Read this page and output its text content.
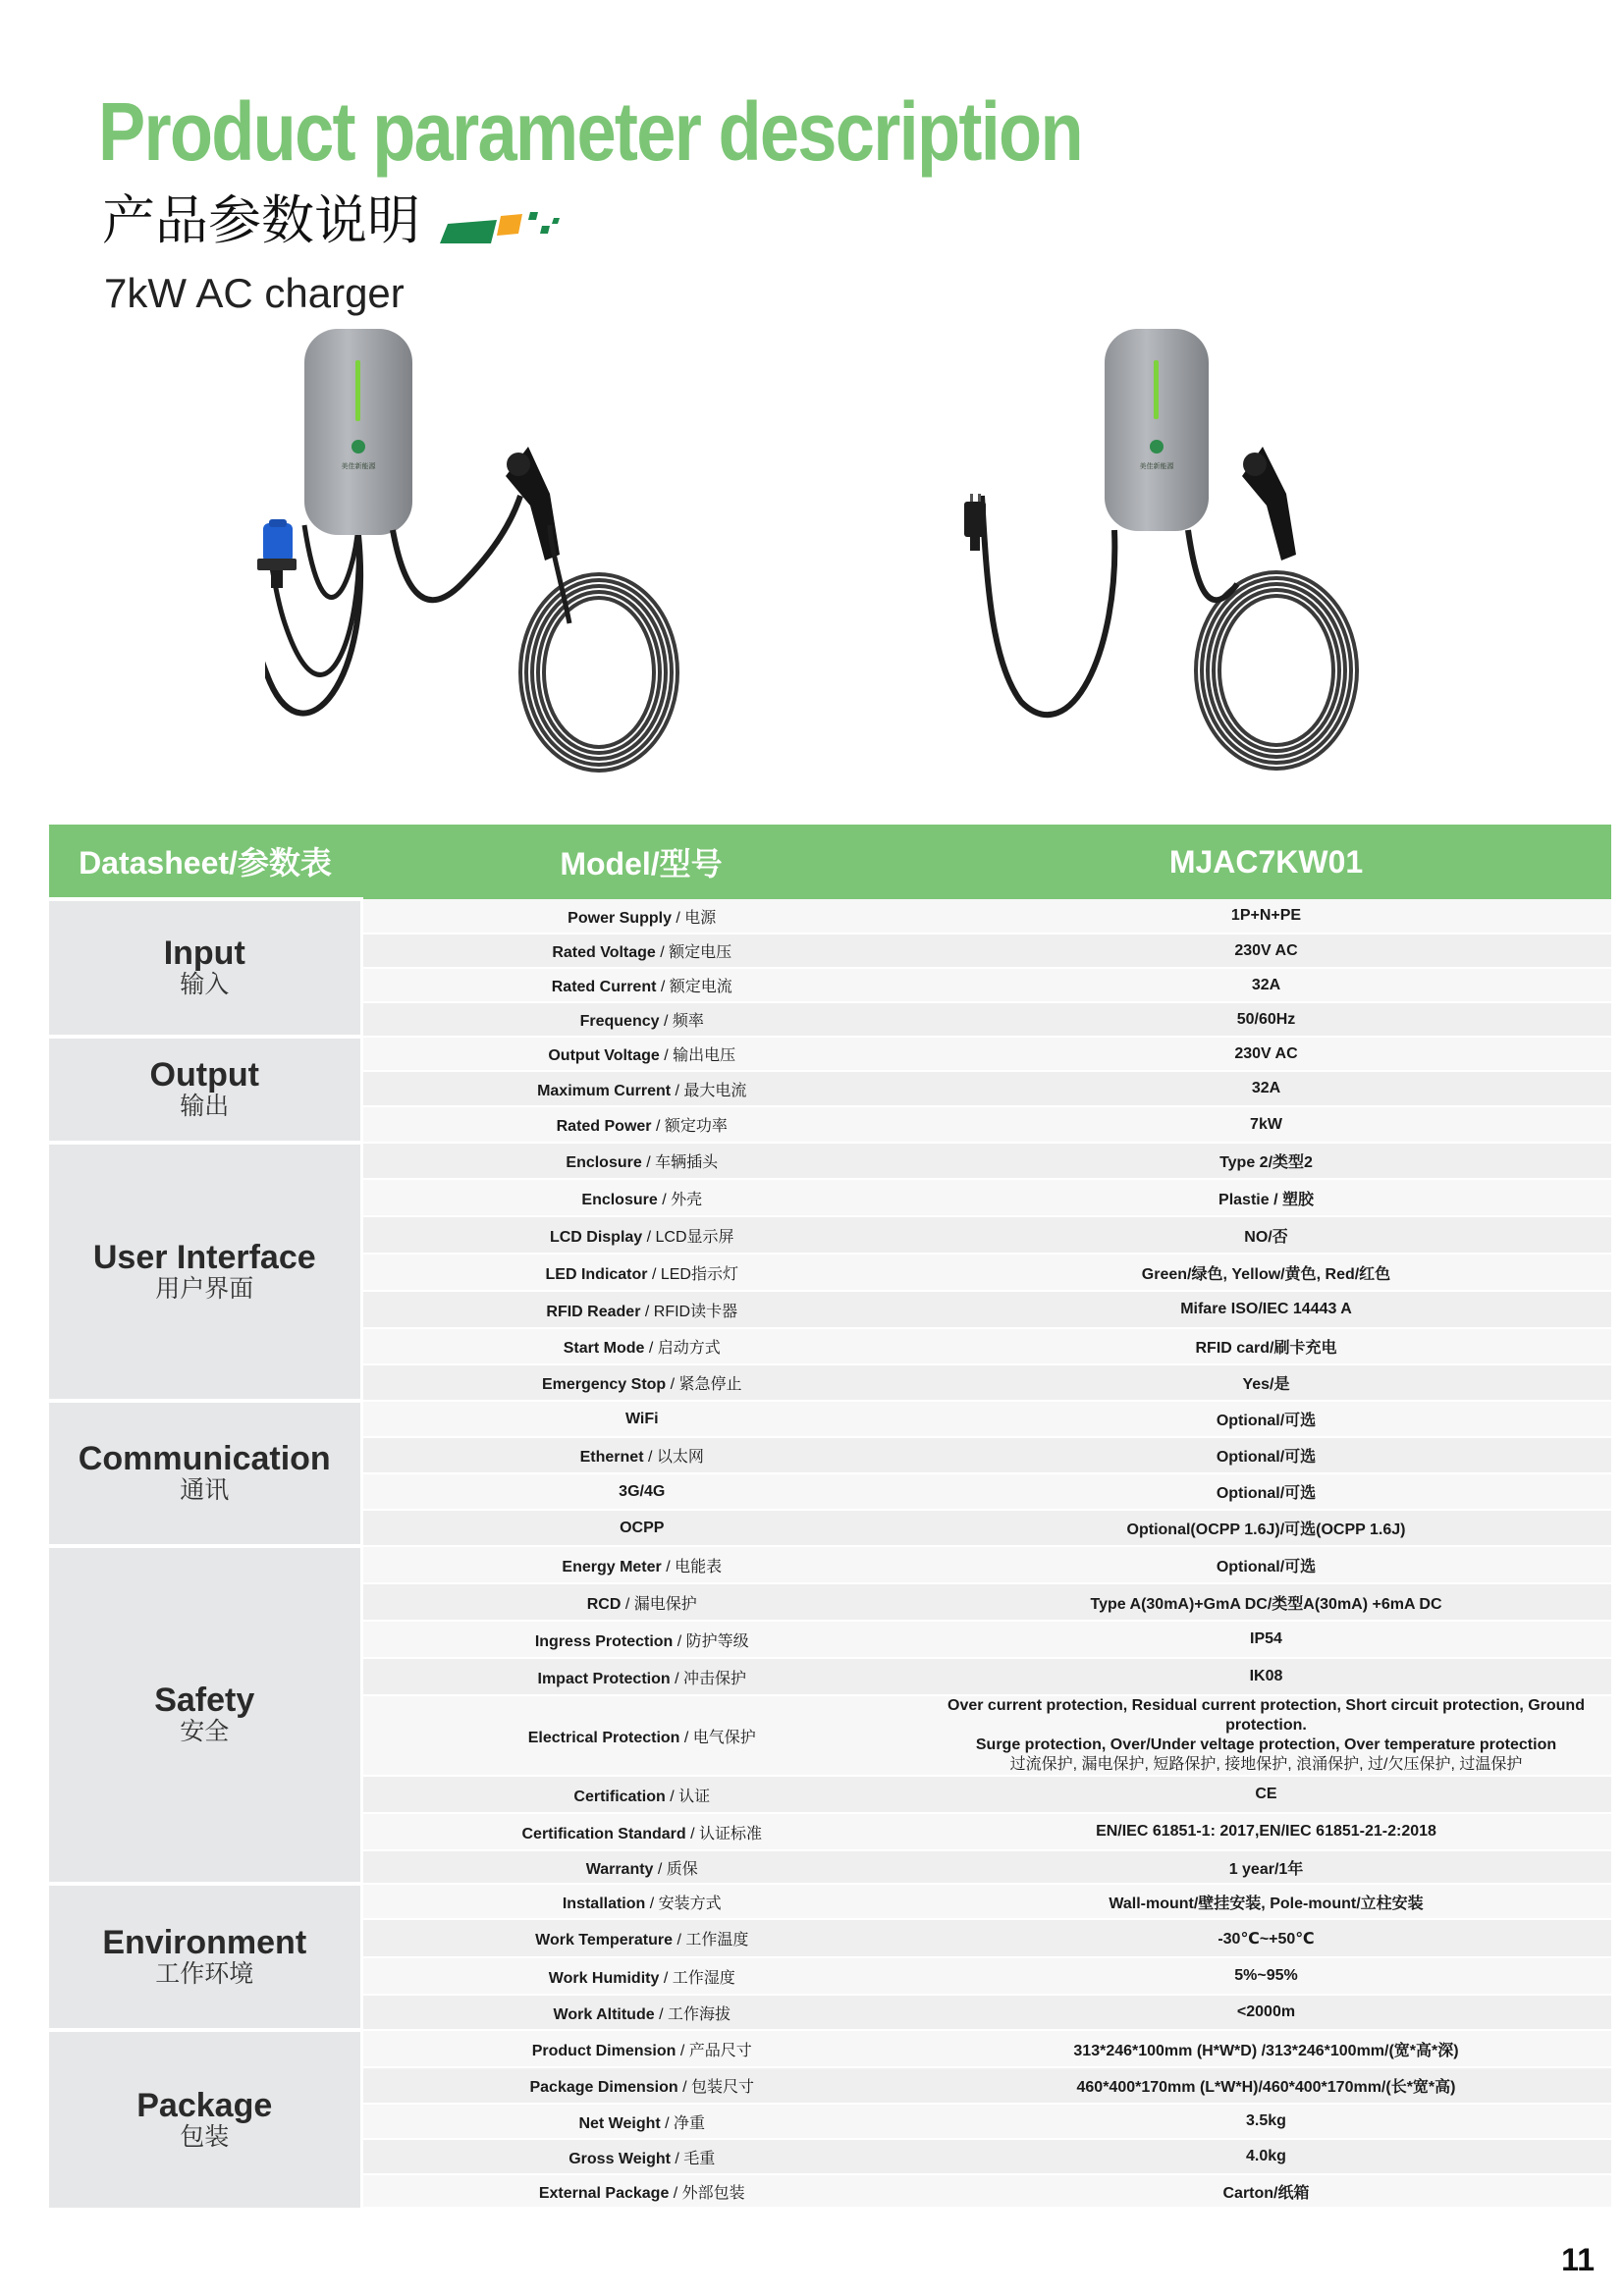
Product parameter description
产品参数说明
7kW AC charger
美佳新能源	美佳新能源
Datasheet/参数表	Model/型号	MJAC7KW01

Input
输入	Power Supply / 电源	1P+N+PE

	Rated Voltage / 额定电压	230V AC

	Rated Current / 额定电流	32A

	Frequency / 频率	50/60Hz

Output
输出	Output Voltage / 输出电压	230V AC

	Maximum Current / 最大电流	32A

	Rated Power / 额定功率	7kW

User Interface
用户界面	Enclosure / 车辆插头	Type 2/类型2

	Enclosure / 外壳	Plastie / 塑胶

	LCD Display / LCD显示屏	NO/否

	LED Indicator / LED指示灯	Green/绿色, Yellow/黄色, Red/红色

	RFID Reader / RFID读卡器	Mifare ISO/IEC 14443 A

	Start Mode / 启动方式	RFID card/刷卡充电

	Emergency Stop / 紧急停止	Yes/是

Communication
通讯	WiFi	Optional/可选

	Ethernet / 以太网	Optional/可选

	3G/4G	Optional/可选

	OCPP	Optional(OCPP 1.6J)/可选(OCPP 1.6J)

Safety
安全	Energy Meter / 电能表	Optional/可选

	RCD / 漏电保护	Type A(30mA)+GmA DC/类型A(30mA) +6mA DC

	Ingress Protection / 防护等级	IP54

	Impact Protection / 冲击保护	IK08

	Electrical Protection / 电气保护	Over current protection, Residual current protection, Short circuit protection, Ground protection.
Surge protection, Over/Under veltage protection, Over temperature protection
过流保护, 漏电保护, 短路保护, 接地保护, 浪涌保护, 过/欠压保护, 过温保护

	Certification / 认证	CE

	Certification Standard / 认证标准	EN/IEC 61851-1: 2017,EN/IEC 61851-21-2:2018

	Warranty / 质保	1 year/1年

Environment
工作环境	Installation / 安装方式	Wall-mount/壁挂安装, Pole-mount/立柱安装

	Work Temperature / 工作温度	-30℃~+50℃

	Work Humidity / 工作湿度	5%~95%

	Work Altitude / 工作海拔	<2000m

Package
包装	Product Dimension / 产品尺寸	313*246*100mm (H*W*D) /313*246*100mm/(宽*高*深)

	Package Dimension / 包装尺寸	460*400*170mm (L*W*H)/460*400*170mm/(长*宽*高)

	Net Weight / 净重	3.5kg

	Gross Weight / 毛重	4.0kg

	External Package / 外部包装	Carton/纸箱
11
